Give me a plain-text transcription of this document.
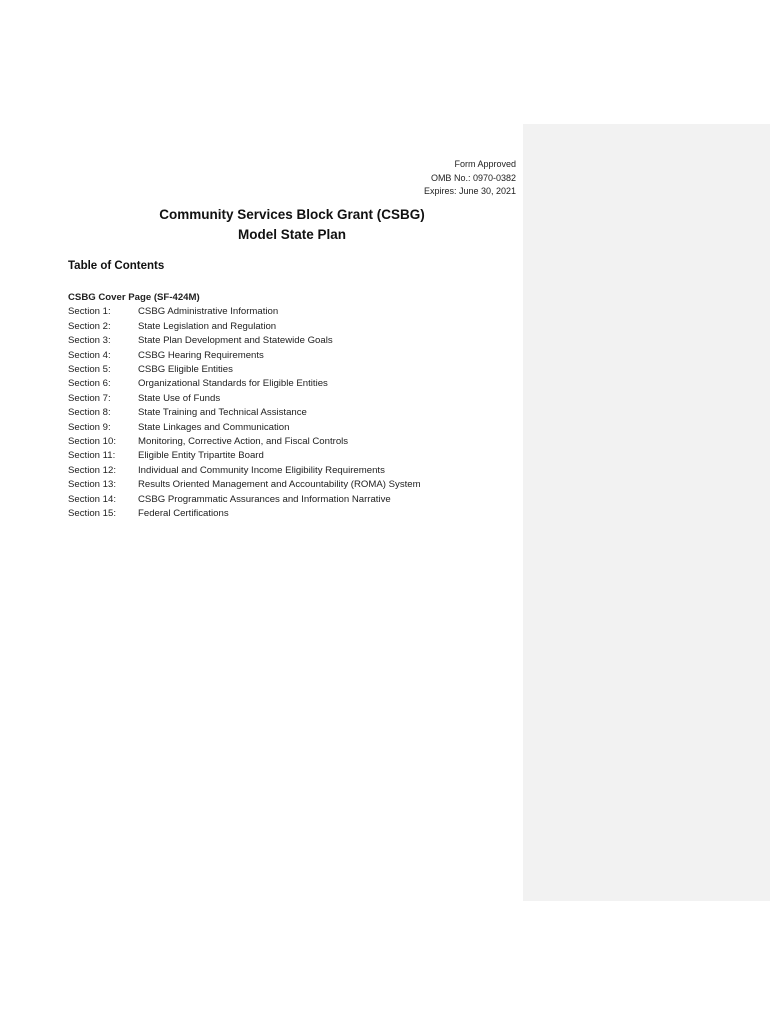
Form Approved
OMB No.: 0970-0382
Expires: June 30, 2021
Community Services Block Grant (CSBG)
Model State Plan
Table of Contents
CSBG Cover Page (SF-424M)
Section 1:	CSBG Administrative Information
Section 2:	State Legislation and Regulation
Section 3:	State Plan Development and Statewide Goals
Section 4:	CSBG Hearing Requirements
Section 5:	CSBG Eligible Entities
Section 6:	Organizational Standards for Eligible Entities
Section 7:	State Use of Funds
Section 8:	State Training and Technical Assistance
Section 9:	State Linkages and Communication
Section 10:	Monitoring, Corrective Action, and Fiscal Controls
Section 11:	Eligible Entity Tripartite Board
Section 12:	Individual and Community Income Eligibility Requirements
Section 13:	Results Oriented Management and Accountability (ROMA) System
Section 14:	CSBG Programmatic Assurances and Information Narrative
Section 15:	Federal Certifications
